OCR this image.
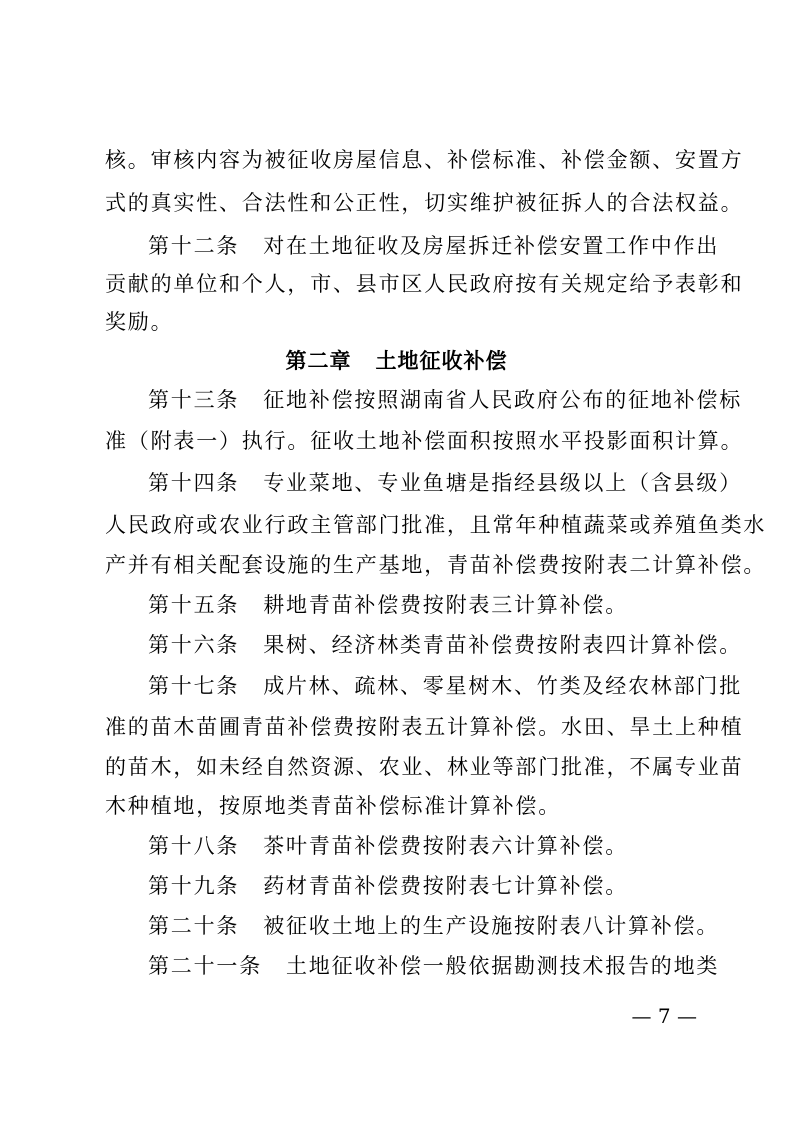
核。审核内容为被征收房屋信息、补偿标准、补偿金额、安置方
式的真实性、合法性和公正性，切实维护被征拆人的合法权益。
第十二条 对在土地征收及房屋拆迁补偿安置工作中作出
贡献的单位和个人，市、县市区人民政府按有关规定给予表彰和
奖励。
第二章 土地征收补偿
第十三条 征地补偿按照湖南省人民政府公布的征地补偿标
准（附表一）执行。征收土地补偿面积按照水平投影面积计算。
第十四条 专业菜地、专业鱼塘是指经县级以上（含县级）
人民政府或农业行政主管部门批准，且常年种植蔬菜或养殖鱼类水
产并有相关配套设施的生产基地，青苗补偿费按附表二计算补偿。
第十五条 耕地青苗补偿费按附表三计算补偿。
第十六条 果树、经济林类青苗补偿费按附表四计算补偿。
第十七条 成片林、疏林、零星树木、竹类及经农林部门批
准的苗木苗圃青苗补偿费按附表五计算补偿。水田、旱土上种植
的苗木，如未经自然资源、农业、林业等部门批准，不属专业苗
木种植地，按原地类青苗补偿标准计算补偿。
第十八条 茶叶青苗补偿费按附表六计算补偿。
第十九条 药材青苗补偿费按附表七计算补偿。
第二十条 被征收土地上的生产设施按附表八计算补偿。
第二十一条 土地征收补偿一般依据勘测技术报告的地类
— 7 —
